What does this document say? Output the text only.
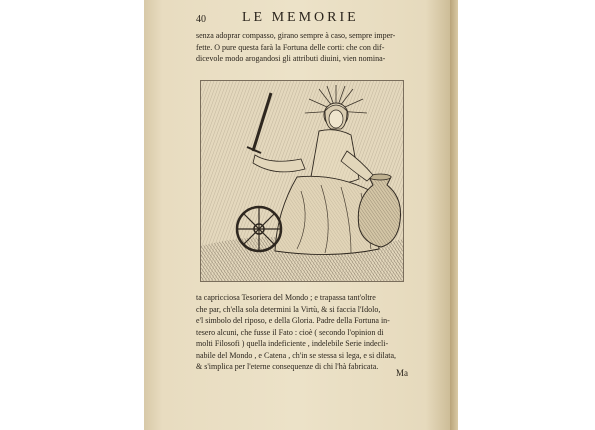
40	LE MEMORIE
senza adoprar compasso, girano sempre à caso, sempre imper-
fette. O pure questa farà la Fortuna delle corti: che con dif-
dicevole modo arogandosi gli attributi diuini, vien nomina-
ta capricciosa Tesoriera del Mondo ; e trapassa tant'oltre
che par, ch'ella sola determini la Virtù, & si faccia l'Idolo,
e'l simbolo del riposo, e della Gloria. Padre della Fortuna in-
tesero alcuni, che fusse il Fato : cioè ( secondo l'opinion di
molti Filosofi ) quella indeficiente , indelebile Serie indecli-
nabile del Mondo , e Catena , ch'in se stessa si lega, e si dilata,
& s'implica per l'eterne consequenze di chi l'hà fabricata.
Ma
